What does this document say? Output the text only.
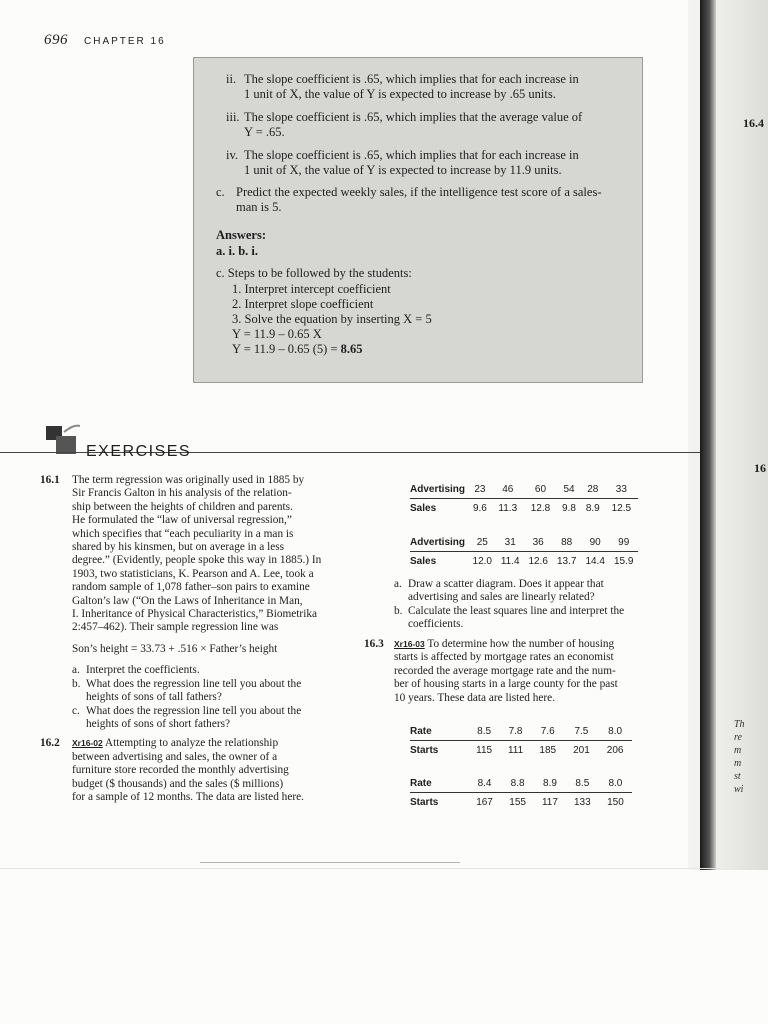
16.4
16
Th
re
m
m
st
wi
696 CHAPTER 16
ii. The slope coefficient is .65, which implies that for each increase in
1 unit of X, the value of Y is expected to increase by .65 units.
iii. The slope coefficient is .65, which implies that the average value of
Y = .65.
iv. The slope coefficient is .65, which implies that for each increase in
1 unit of X, the value of Y is expected to increase by 11.9 units.
c. Predict the expected weekly sales, if the intelligence test score of a sales-
man is 5.
Answers:
a. i. b. i.
c. Steps to be followed by the students:
1. Interpret intercept coefficient
2. Interpret slope coefficient
3. Solve the equation by inserting X = 5
Y = 11.9 – 0.65 X
Y = 11.9 – 0.65 (5) = 8.65
EXERCISES
16.1 The term regression was originally used in 1885 by
Sir Francis Galton in his analysis of the relation-
ship between the heights of children and parents.
He formulated the “law of universal regression,”
which specifies that “each peculiarity in a man is
shared by his kinsmen, but on average in a less
degree.” (Evidently, people spoke this way in 1885.) In
1903, two statisticians, K. Pearson and A. Lee, took a
random sample of 1,078 father–son pairs to examine
Galton’s law (“On the Laws of Inheritance in Man,
I. Inheritance of Physical Characteristics,” Biometrika
2:457–462). Their sample regression line was
Son’s height = 33.73 + .516 × Father’s height
a. Interpret the coefficients.
b. What does the regression line tell you about the
heights of sons of tall fathers?
c. What does the regression line tell you about the
heights of sons of short fathers?
16.2 Xr16-02 Attempting to analyze the relationship
between advertising and sales, the owner of a
furniture store recorded the monthly advertising
budget ($ thousands) and the sales ($ millions)
for a sample of 12 months. The data are listed here.
Advertising	23	46	60	54	28	33
Sales	9.6	11.3	12.8	9.8	8.9	12.5
Advertising	25	31	36	88	90	99
Sales	12.0	11.4	12.6	13.7	14.4	15.9
a. Draw a scatter diagram. Does it appear that
advertising and sales are linearly related?
b. Calculate the least squares line and interpret the
coefficients.
16.3 Xr16-03 To determine how the number of housing
starts is affected by mortgage rates an economist
recorded the average mortgage rate and the num-
ber of housing starts in a large county for the past
10 years. These data are listed here.
Rate	8.5	7.8	7.6	7.5	8.0
Starts	115	111	185	201	206
Rate	8.4	8.8	8.9	8.5	8.0
Starts	167	155	117	133	150
